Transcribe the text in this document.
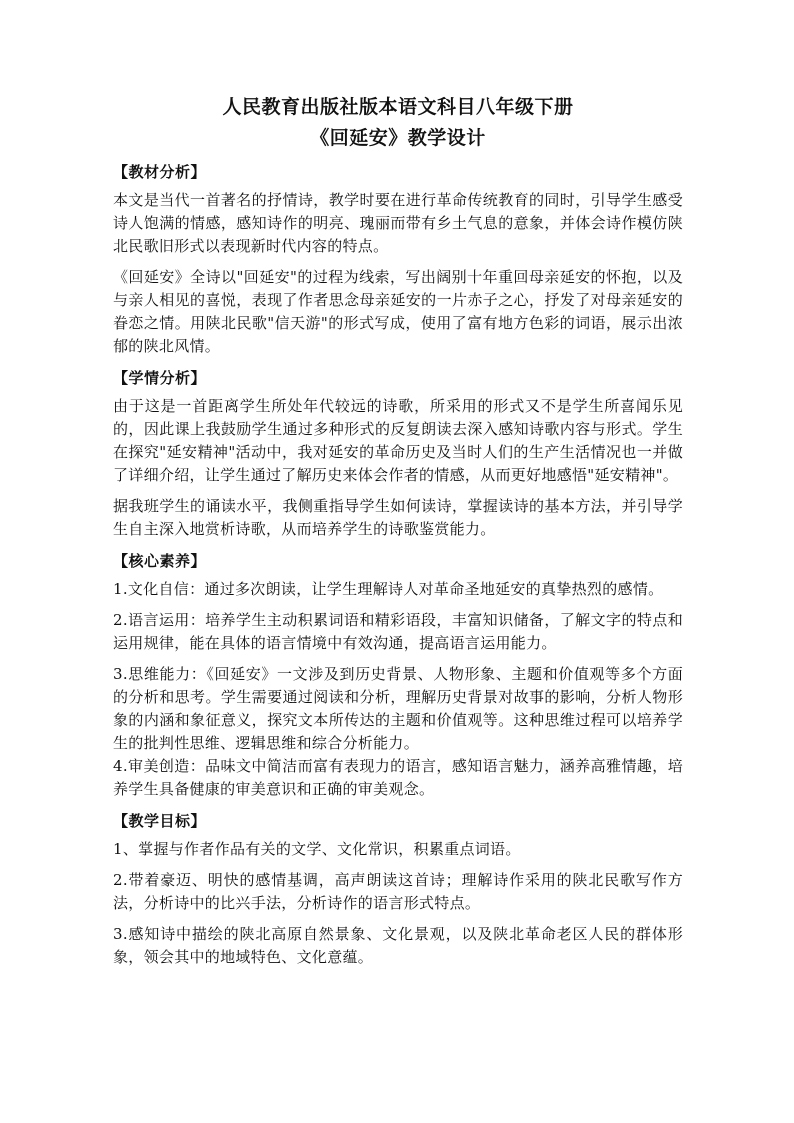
人民教育出版社版本语文科目八年级下册
《回延安》教学设计
【教材分析】

本文是当代一首著名的抒情诗，教学时要在进行革命传统教育的同时，引导学生感受诗人饱满的情感，感知诗作的明亮、瑰丽而带有乡土气息的意象，并体会诗作模仿陕北民歌旧形式以表现新时代内容的特点。

《回延安》全诗以"回延安"的过程为线索，写出阔别十年重回母亲延安的怀抱，以及与亲人相见的喜悦，表现了作者思念母亲延安的一片赤子之心，抒发了对母亲延安的眷恋之情。用陕北民歌"信天游"的形式写成，使用了富有地方色彩的词语，展示出浓郁的陕北风情。

【学情分析】

由于这是一首距离学生所处年代较远的诗歌，所采用的形式又不是学生所喜闻乐见的，因此课上我鼓励学生通过多种形式的反复朗读去深入感知诗歌内容与形式。学生在探究"延安精神"活动中，我对延安的革命历史及当时人们的生产生活情况也一并做了详细介绍，让学生通过了解历史来体会作者的情感，从而更好地感悟"延安精神"。

据我班学生的诵读水平，我侧重指导学生如何读诗，掌握读诗的基本方法，并引导学生自主深入地赏析诗歌，从而培养学生的诗歌鉴赏能力。

【核心素养】

1.文化自信：通过多次朗读，让学生理解诗人对革命圣地延安的真挚热烈的感情。

2.语言运用：培养学生主动积累词语和精彩语段，丰富知识储备，了解文字的特点和运用规律，能在具体的语言情境中有效沟通，提高语言运用能力。

3.思维能力：《回延安》一文涉及到历史背景、人物形象、主题和价值观等多个方面的分析和思考。学生需要通过阅读和分析，理解历史背景对故事的影响，分析人物形象的内涵和象征意义，探究文本所传达的主题和价值观等。这种思维过程可以培养学生的批判性思维、逻辑思维和综合分析能力。

4.审美创造：品味文中简洁而富有表现力的语言，感知语言魅力，涵养高雅情趣，培养学生具备健康的审美意识和正确的审美观念。

【教学目标】

1、掌握与作者作品有关的文学、文化常识，积累重点词语。

2.带着豪迈、明快的感情基调，高声朗读这首诗；理解诗作采用的陕北民歌写作方法，分析诗中的比兴手法，分析诗作的语言形式特点。

3.感知诗中描绘的陕北高原自然景象、文化景观，以及陕北革命老区人民的群体形象，领会其中的地域特色、文化意蕴。
